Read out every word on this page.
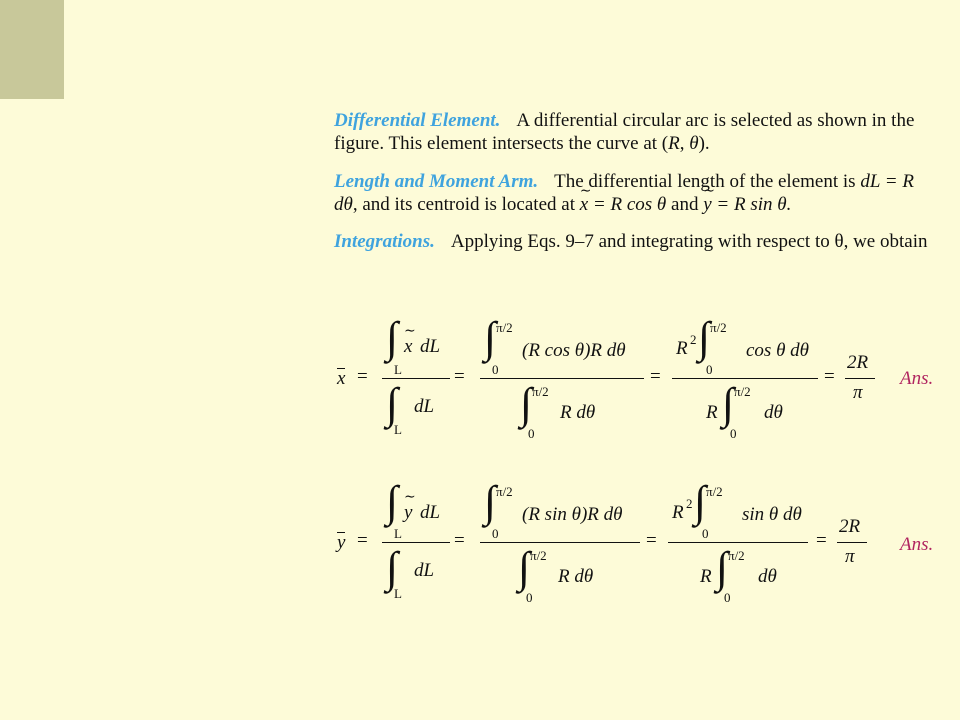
Differential Element. A differential circular arc is selected as shown in the figure. This element intersects the curve at (R, θ).
Length and Moment Arm. The differential length of the element is dL = R dθ, and its centroid is located at ∼ x = R cos θ and ∼ y = R sin θ.
Integrations. Applying Eqs. 9–7 and integrating with respect to θ, we obtain
x =
∫
L
∼ x dL
∫
L
dL
=
∫ π/2
0
(R cos θ)R dθ
∫ π/2
0
R dθ
=
R 2 ∫ π/2
0
cos θ dθ
R ∫ π/2
0
dθ
=
2R
π
Ans.
y =
∫
L
∼ y dL
∫
L
dL
=
∫ π/2
0
(R sin θ)R dθ
∫ π/2
0
R dθ
=
R 2 ∫ π/2
0
sin θ dθ
R ∫ π/2
0
dθ
=
2R
π
Ans.
